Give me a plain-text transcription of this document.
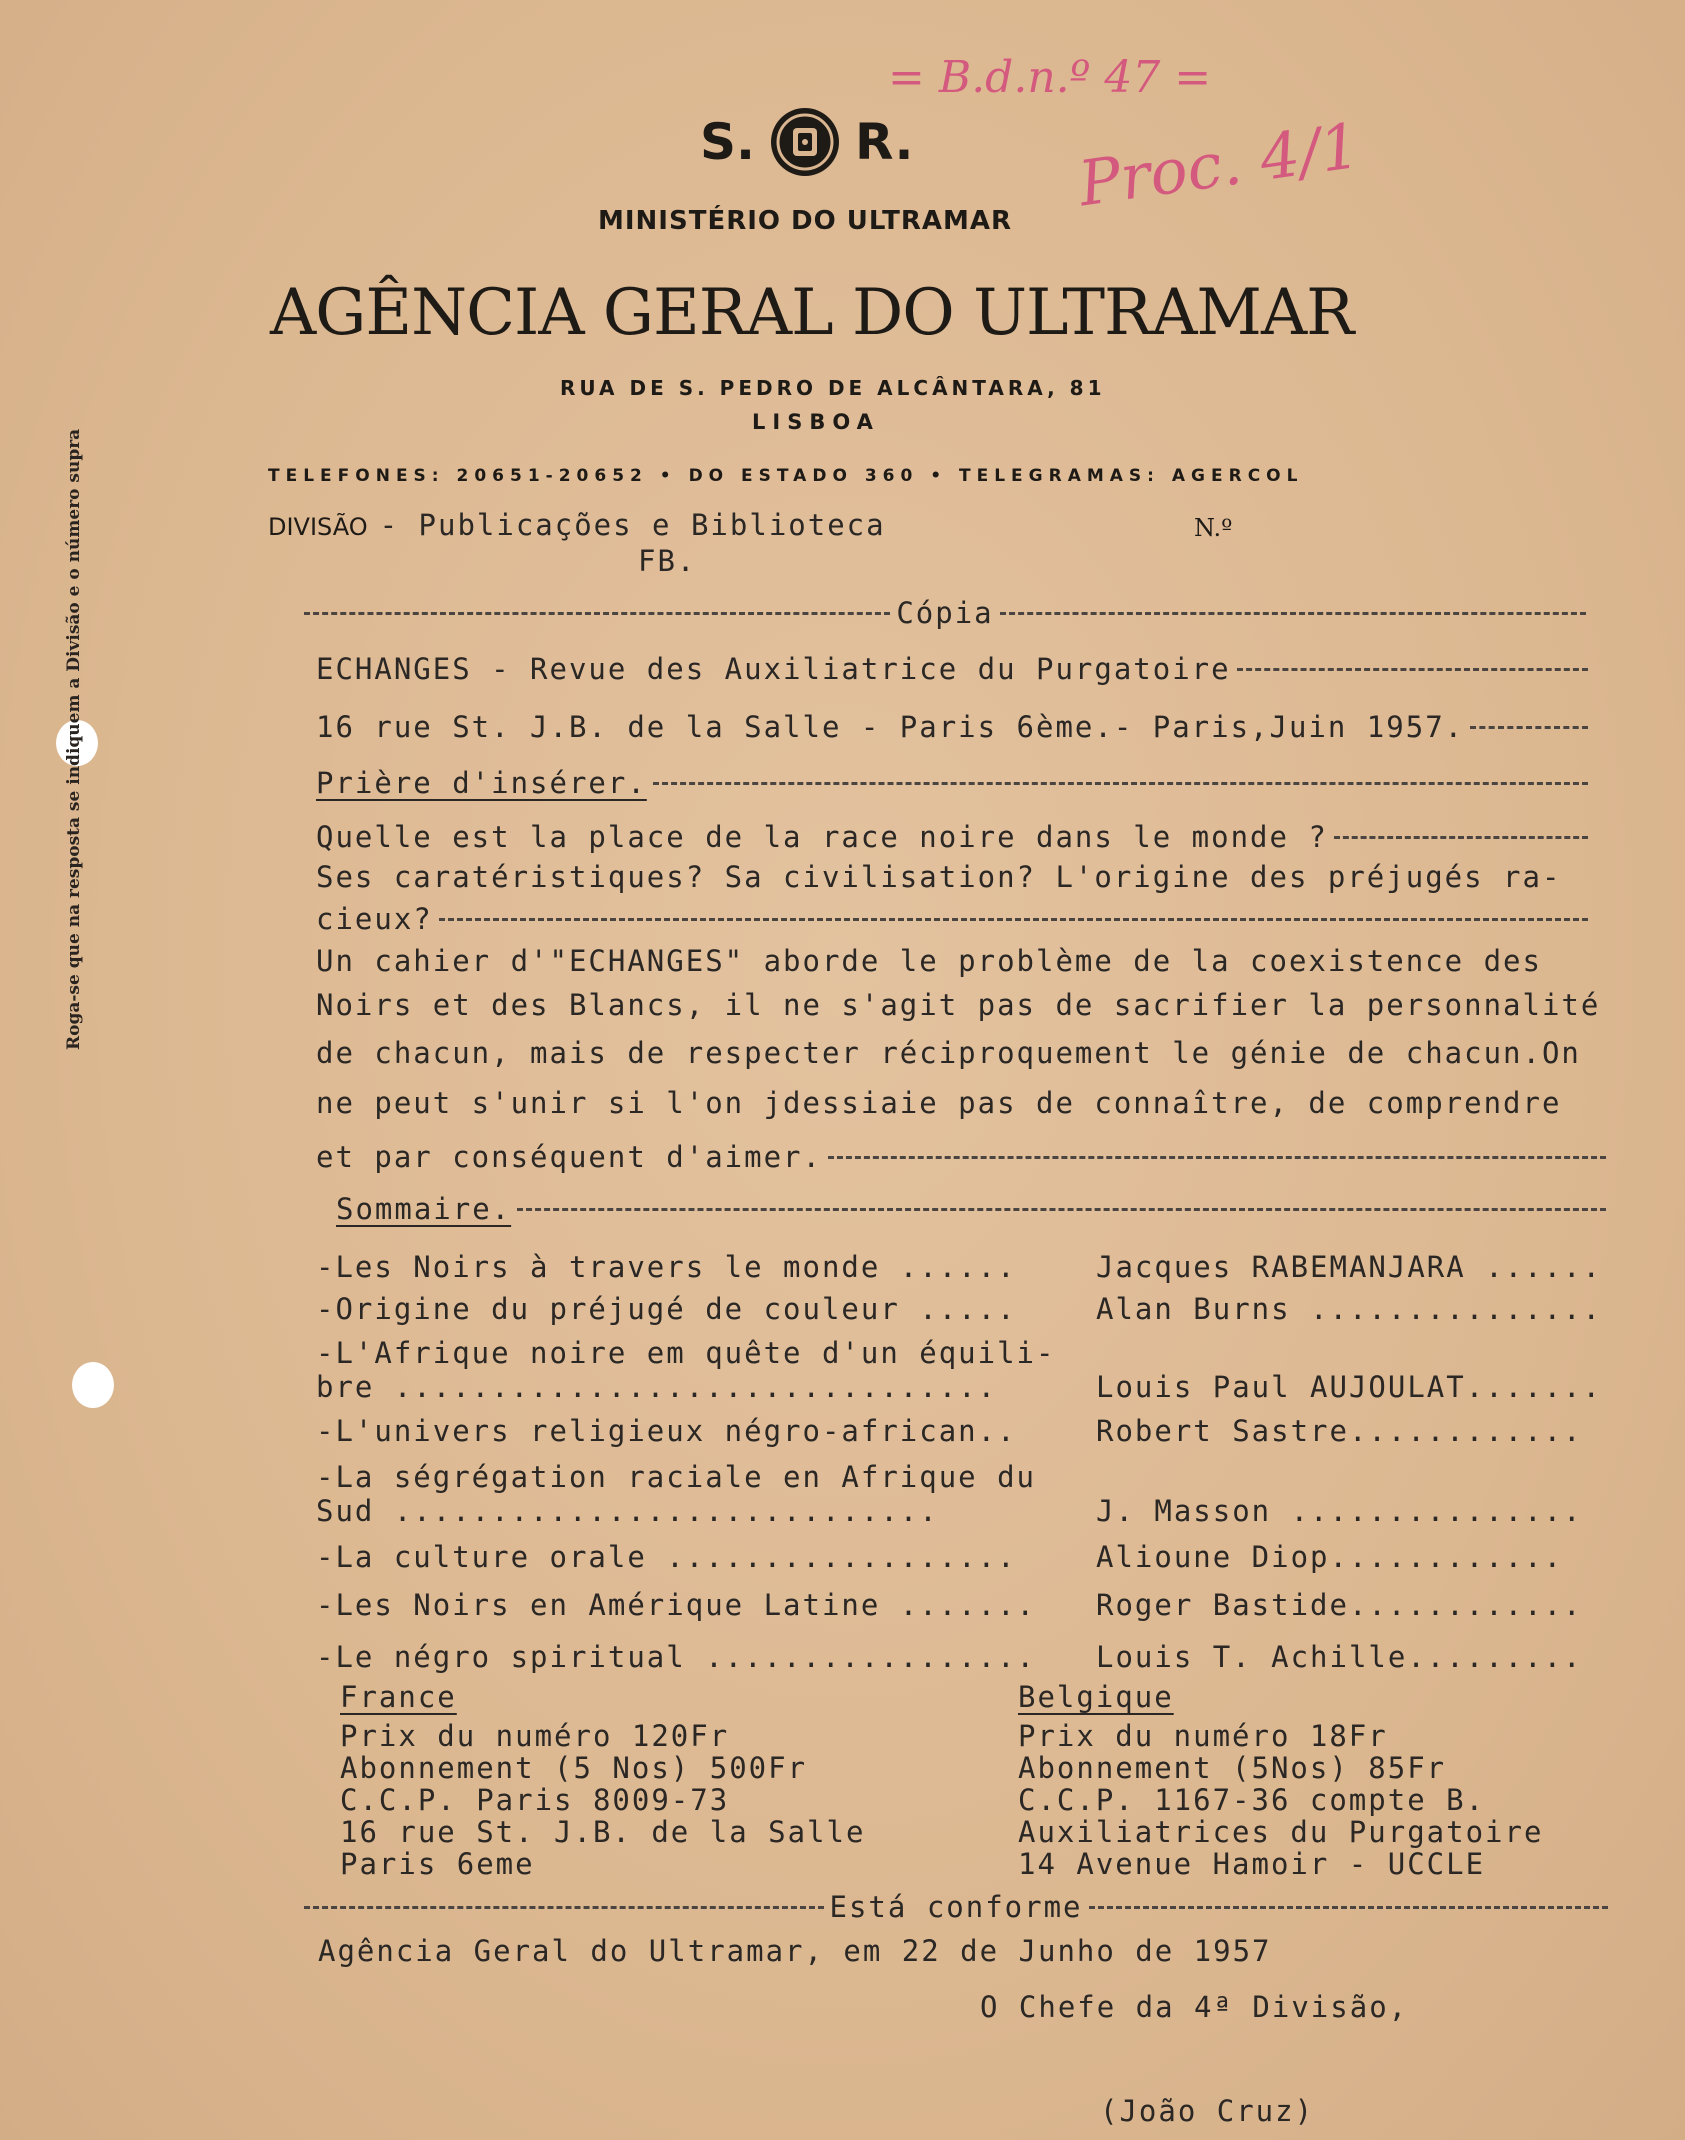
Roga-se que na resposta se indiquem a Divisão e o número supra
= B.d.n.º 47 =
Proc. 4/1
S. R.
MINISTÉRIO DO ULTRAMAR
AGÊNCIA GERAL DO ULTRAMAR
RUA DE S. PEDRO DE ALCÂNTARA, 81
LISBOA
TELEFONES: 20651-20652 • DO ESTADO 360 • TELEGRAMAS: AGERCOL
DIVISÃO - Publicações e Biblioteca
FB.
N.º
Cópia
ECHANGES - Revue des Auxiliatrice du Purgatoire
16 rue St. J.B. de la Salle - Paris 6ème.- Paris,Juin 1957.
Prière d'insérer.
Quelle est la place de la race noire dans le monde ?
Ses caratéristiques? Sa civilisation? L'origine des préjugés ra-
cieux?
Un cahier d'"ECHANGES" aborde le problème de la coexistence des
Noirs et des Blancs, il ne s'agit pas de sacrifier la personnalité
de chacun, mais de respecter réciproquement le génie de chacun.On
ne peut s'unir si l'on jdessiaie pas de connaître, de comprendre
et par conséquent d'aimer.
Sommaire.
-Les Noirs à travers le monde ......	Jacques RABEMANJARA ......
-Origine du préjugé de couleur .....	Alan Burns ...............
-L'Afrique noire em quête d'un équili-
bre ...............................	Louis Paul AUJOULAT.......
-L'univers religieux négro-african..	Robert Sastre............
-La ségrégation raciale en Afrique du
Sud ............................	J. Masson ...............
-La culture orale ..................	Alioune Diop............
-Les Noirs en Amérique Latine ....... Roger Bastide............
-Le négro spiritual ................. Louis T. Achille.........
France
Prix du numéro 120Fr
Abonnement (5 Nos) 500Fr
C.C.P. Paris 8009-73
16 rue St. J.B. de la Salle
Paris 6eme
Belgique
Prix du numéro 18Fr
Abonnement (5Nos) 85Fr
C.C.P. 1167-36 compte B.
Auxiliatrices du Purgatoire
14 Avenue Hamoir - UCCLE
Está conforme
Agência Geral do Ultramar, em 22 de Junho de 1957
O Chefe da 4ª Divisão,
(João Cruz)
